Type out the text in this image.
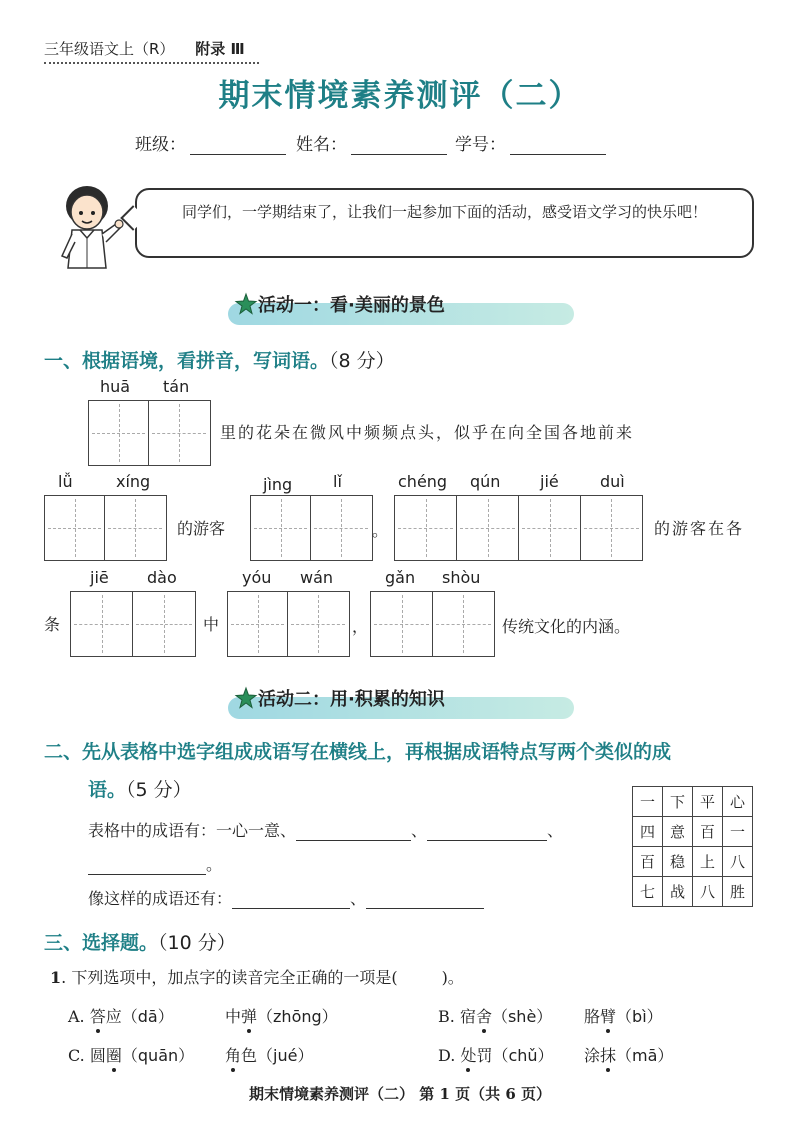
三年级语文上（R） 附录 Ⅲ
期末情境素养测评（二）
班级：	姓名：	学号：
同学们，一学期结束了，让我们一起参加下面的活动，感受语文学习的快乐吧！
活动一：看·美丽的景色
一、根据语境，看拼音，写词语。（8 分）
huā tán
里的花朵在微风中频频点头，似乎在向全国各地前来
lǚ	xíng
的游客
jìng	lǐ
。
chéng qún jié	duì
的游客在各
jiē dào
条	中
yóu wán
，
gǎn shòu
传统文化的内涵。
活动二：用·积累的知识
二、先从表格中选字组成成语写在横线上，再根据成语特点写两个类似的成
语。（5 分）
表格中的成语有：一心一意、	、	、
。
像这样的成语还有：	、
一	下	平	心
四	意	百	一
百	稳	上	八
七	战	八	胜
三、选择题。（10 分）
1. 下列选项中，加点字的读音完全正确的一项是(	)。
A. 答应（dā）	中弹（zhōng）	B. 宿舍（shè） 胳臂（bì）
C. 圆圈（quān） 角色（jué）	D. 处罚（chǔ） 涂抹（mā）
期末情境素养测评（二） 第 1 页（共 6 页）
